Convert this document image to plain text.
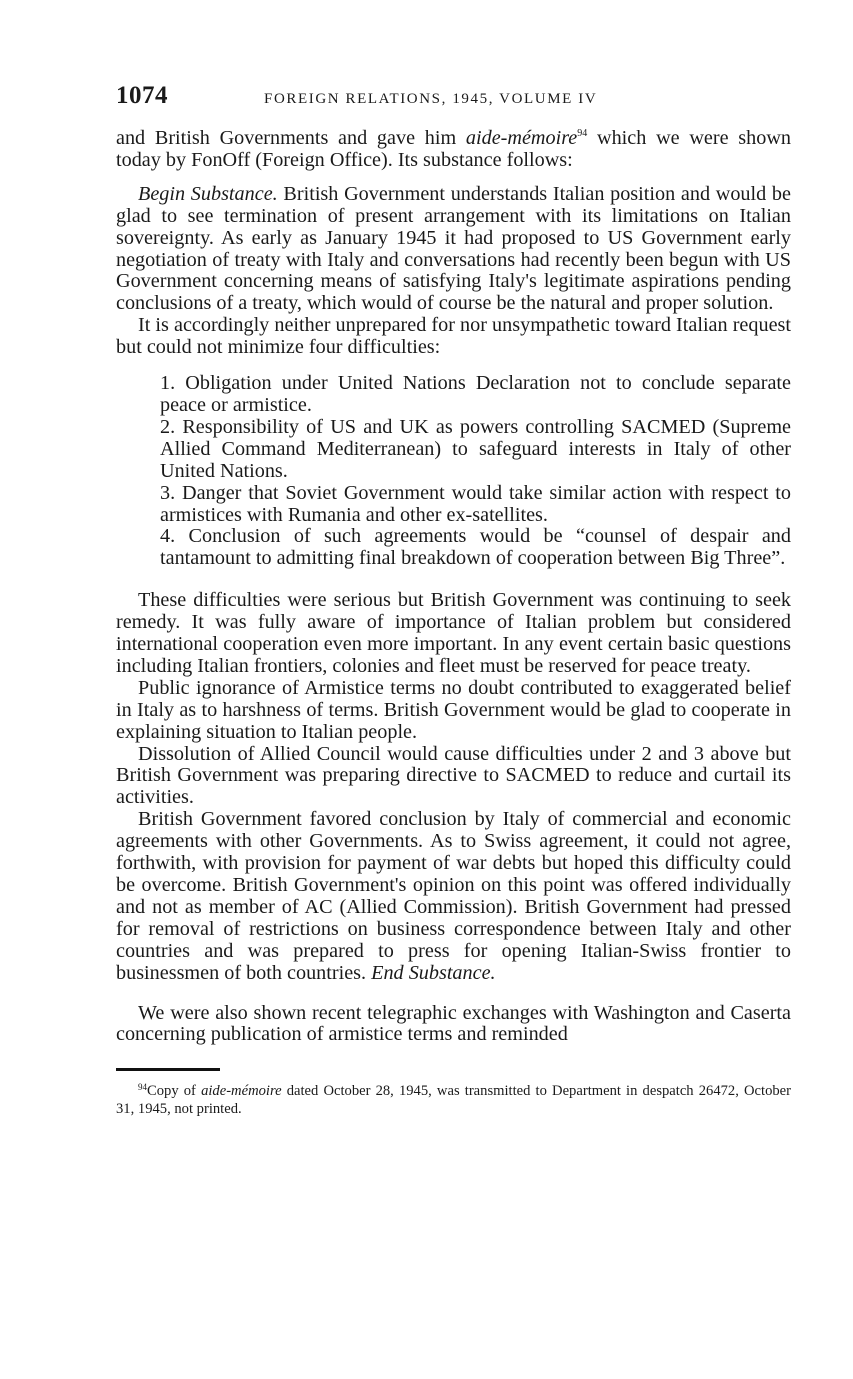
1074	FOREIGN RELATIONS, 1945, VOLUME IV

and British Governments and gave him aide-mémoire$^{94}$ which we were shown today by FonOff (Foreign Office). Its substance follows:

Begin Substance. British Government understands Italian position and would be glad to see termination of present arrangement with its limitations on Italian sovereignty. As early as January 1945 it had proposed to US Government early negotiation of treaty with Italy and conversations had recently been begun with US Government concerning means of satisfying Italy's legitimate aspirations pending conclusions of a treaty, which would of course be the natural and proper solution.

It is accordingly neither unprepared for nor unsympathetic toward Italian request but could not minimize four difficulties:

1. Obligation under United Nations Declaration not to conclude separate peace or armistice.

2. Responsibility of US and UK as powers controlling SACMED (Supreme Allied Command Mediterranean) to safeguard interests in Italy of other United Nations.

3. Danger that Soviet Government would take similar action with respect to armistices with Rumania and other ex-satellites.

4. Conclusion of such agreements would be “counsel of despair and tantamount to admitting final breakdown of cooperation between Big Three”.

These difficulties were serious but British Government was continuing to seek remedy. It was fully aware of importance of Italian problem but considered international cooperation even more important. In any event certain basic questions including Italian frontiers, colonies and fleet must be reserved for peace treaty.

Public ignorance of Armistice terms no doubt contributed to exaggerated belief in Italy as to harshness of terms. British Government would be glad to cooperate in explaining situation to Italian people.

Dissolution of Allied Council would cause difficulties under 2 and 3 above but British Government was preparing directive to SACMED to reduce and curtail its activities.

British Government favored conclusion by Italy of commercial and economic agreements with other Governments. As to Swiss agreement, it could not agree, forthwith, with provision for payment of war debts but hoped this difficulty could be overcome. British Government's opinion on this point was offered individually and not as member of AC (Allied Commission). British Government had pressed for removal of restrictions on business correspondence between Italy and other countries and was prepared to press for opening Italian-Swiss frontier to businessmen of both countries. End Substance.

We were also shown recent telegraphic exchanges with Washington and Caserta concerning publication of armistice terms and reminded

$^{94}$Copy of aide-mémoire dated October 28, 1945, was transmitted to Department in despatch 26472, October 31, 1945, not printed.
